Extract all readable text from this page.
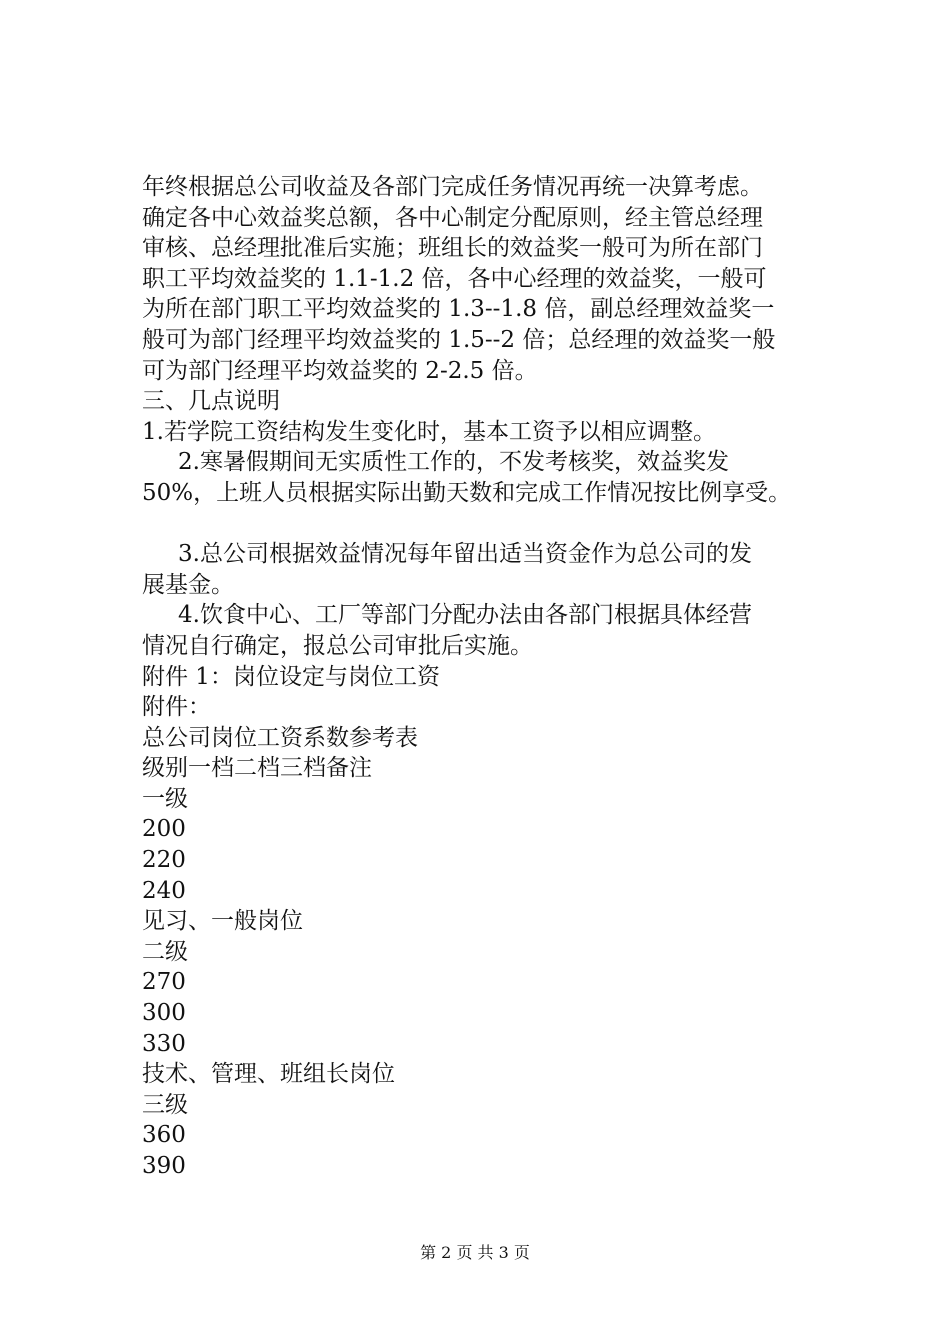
年终根据总公司收益及各部门完成任务情况再统一决算考虑。
确定各中心效益奖总额，各中心制定分配原则，经主管总经理
审核、总经理批准后实施；班组长的效益奖一般可为所在部门
职工平均效益奖的 1.1-1.2 倍，各中心经理的效益奖，一般可
为所在部门职工平均效益奖的 1.3--1.8 倍，副总经理效益奖一
般可为部门经理平均效益奖的 1.5--2 倍；总经理的效益奖一般
可为部门经理平均效益奖的 2-2.5 倍。

三、几点说明

1.若学院工资结构发生变化时，基本工资予以相应调整。

2.寒暑假期间无实质性工作的，不发考核奖，效益奖发
50%，上班人员根据实际出勤天数和完成工作情况按比例享受。

3.总公司根据效益情况每年留出适当资金作为总公司的发
展基金。

4.饮食中心、工厂等部门分配办法由各部门根据具体经营
情况自行确定，报总公司审批后实施。

附件 1：岗位设定与岗位工资

附件：

总公司岗位工资系数参考表

级别一档二档三档备注

一级

200

220

240

见习、一般岗位

二级

270

300

330

技术、管理、班组长岗位

三级

360

390

第 2 页 共 3 页
